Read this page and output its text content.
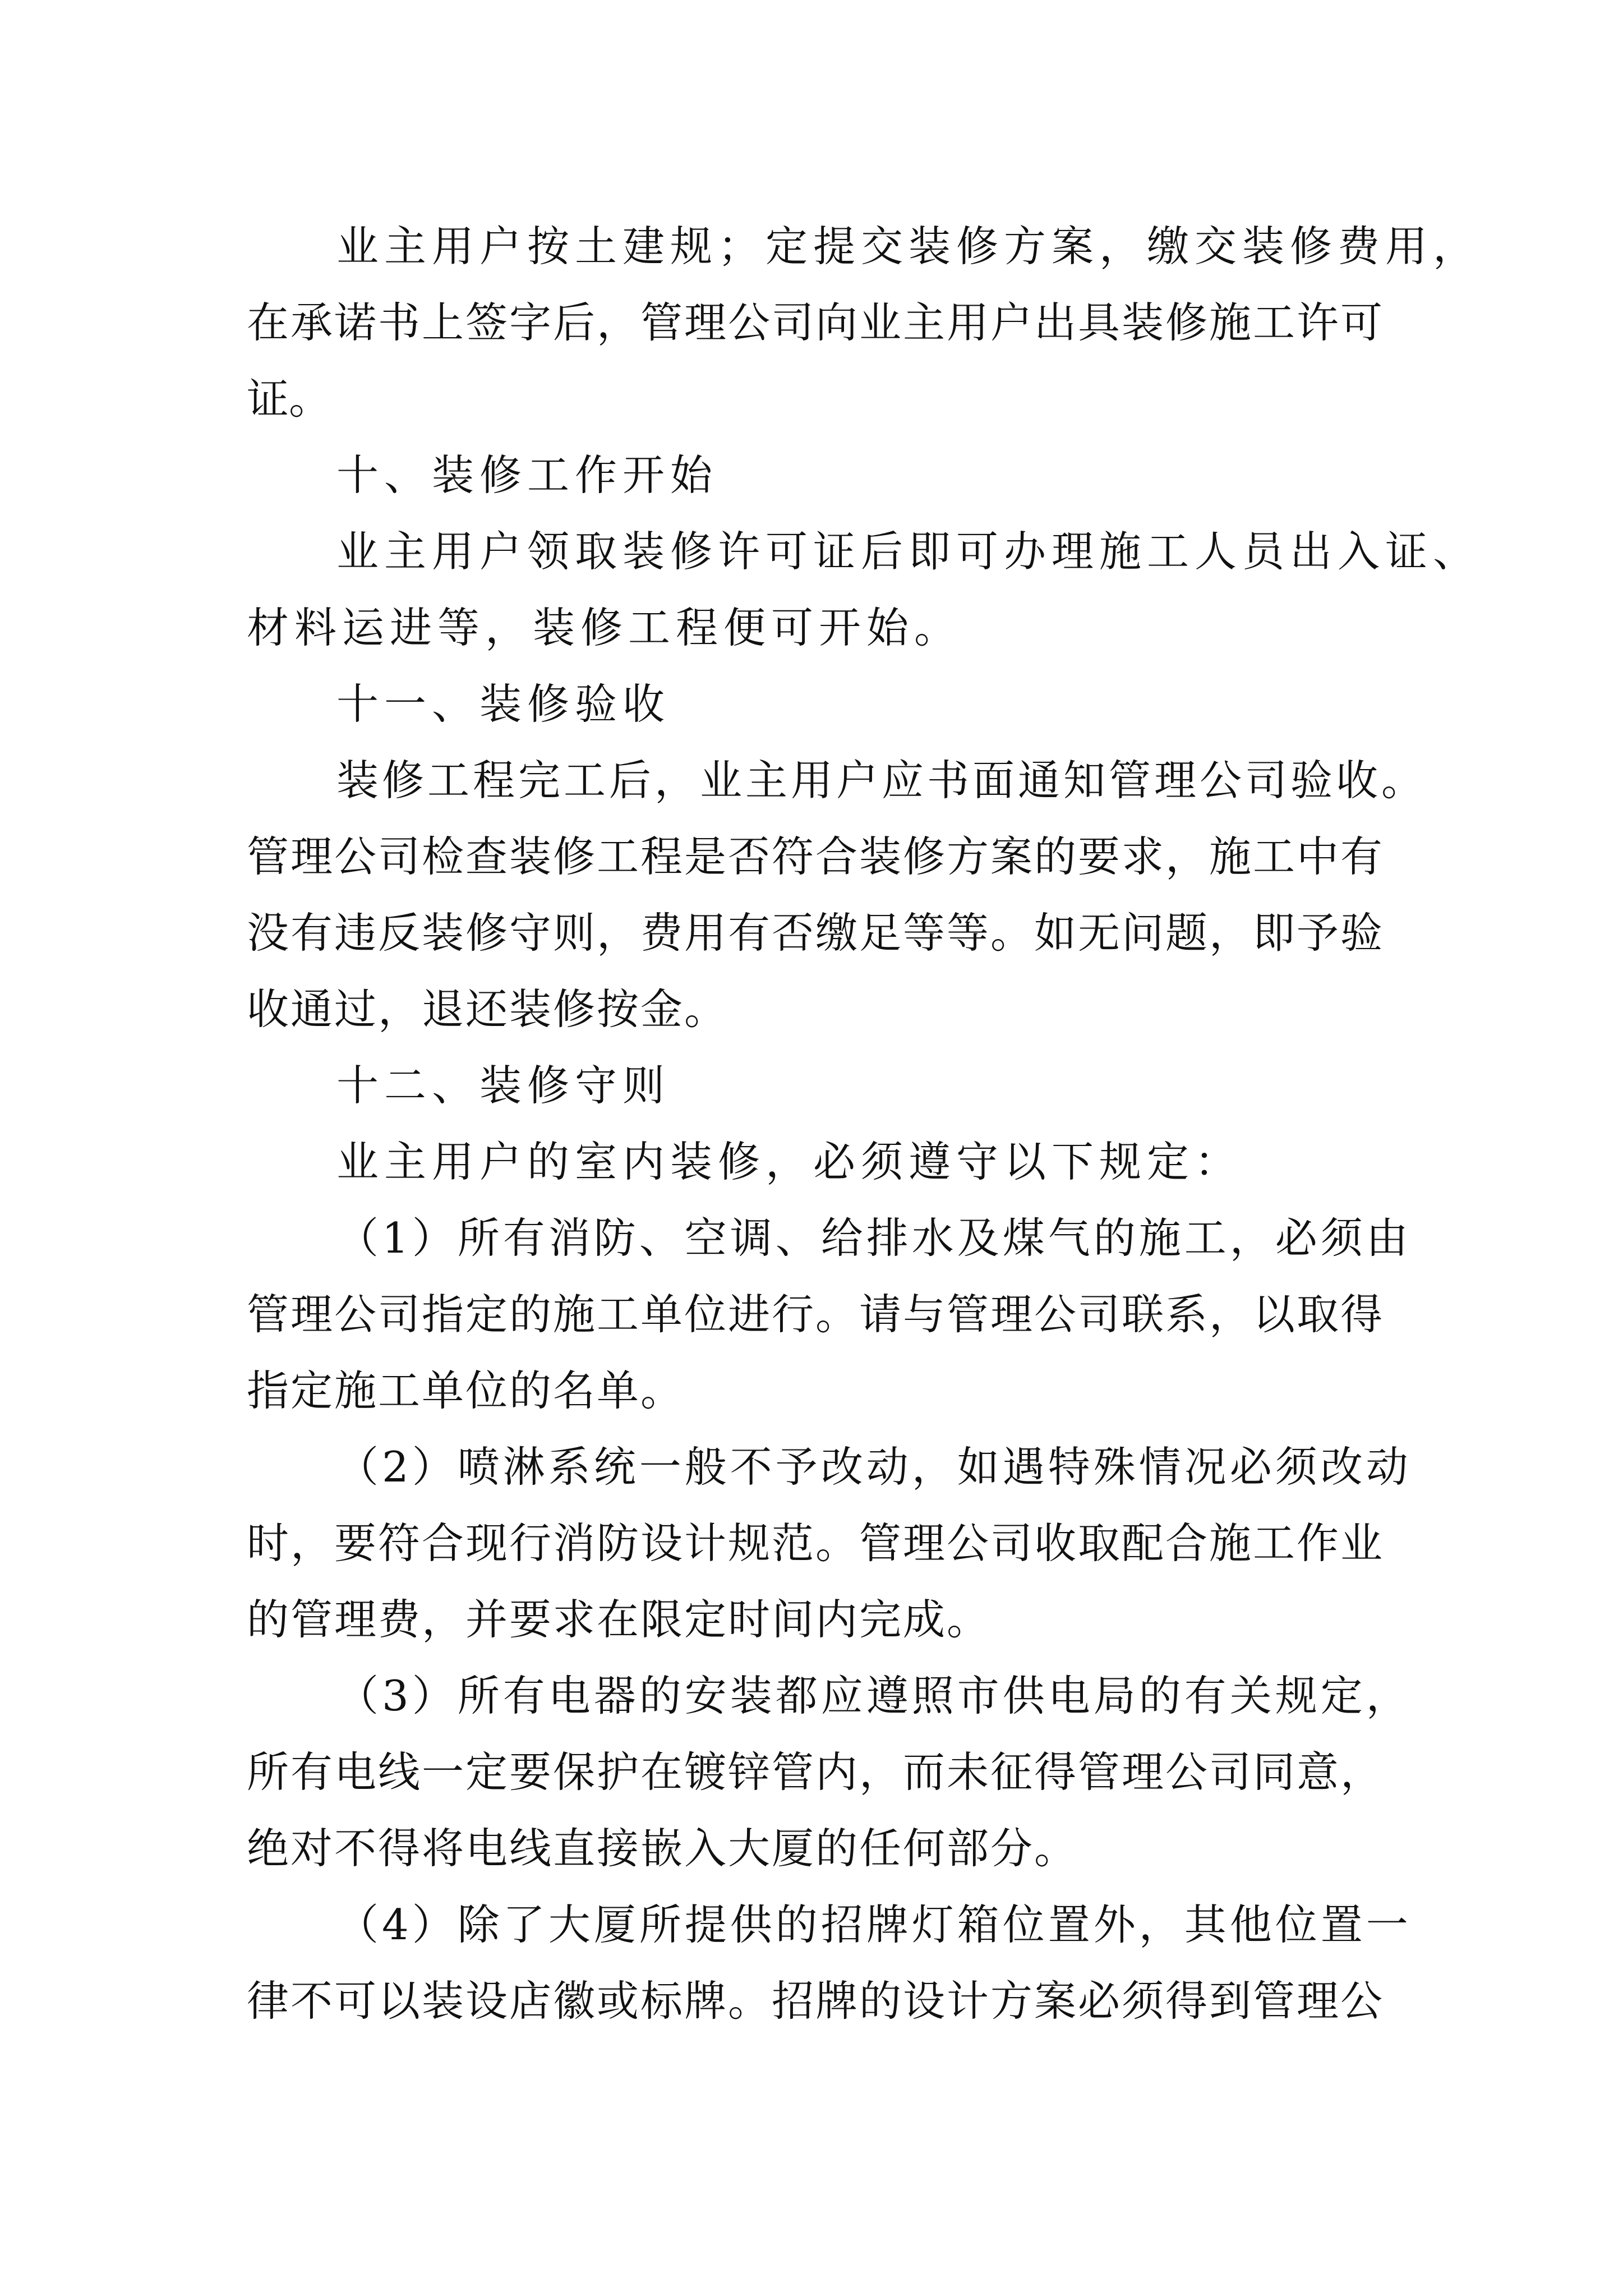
业主用户按土建规；定提交装修方案，缴交装修费用，
在承诺书上签字后，管理公司向业主用户出具装修施工许可
证。
十、装修工作开始
业主用户领取装修许可证后即可办理施工人员出入证、
材料运进等，装修工程便可开始。
十一、装修验收
装修工程完工后，业主用户应书面通知管理公司验收。
管理公司检查装修工程是否符合装修方案的要求，施工中有
没有违反装修守则，费用有否缴足等等。如无问题，即予验
收通过，退还装修按金。
十二、装修守则
业主用户的室内装修，必须遵守以下规定：
（1）所有消防、空调、给排水及煤气的施工，必须由
管理公司指定的施工单位进行。请与管理公司联系，以取得
指定施工单位的名单。
（2）喷淋系统一般不予改动，如遇特殊情况必须改动
时，要符合现行消防设计规范。管理公司收取配合施工作业
的管理费，并要求在限定时间内完成。
（3）所有电器的安装都应遵照市供电局的有关规定，
所有电线一定要保护在镀锌管内，而未征得管理公司同意，
绝对不得将电线直接嵌入大厦的任何部分。
（4）除了大厦所提供的招牌灯箱位置外，其他位置一
律不可以装设店徽或标牌。招牌的设计方案必须得到管理公
